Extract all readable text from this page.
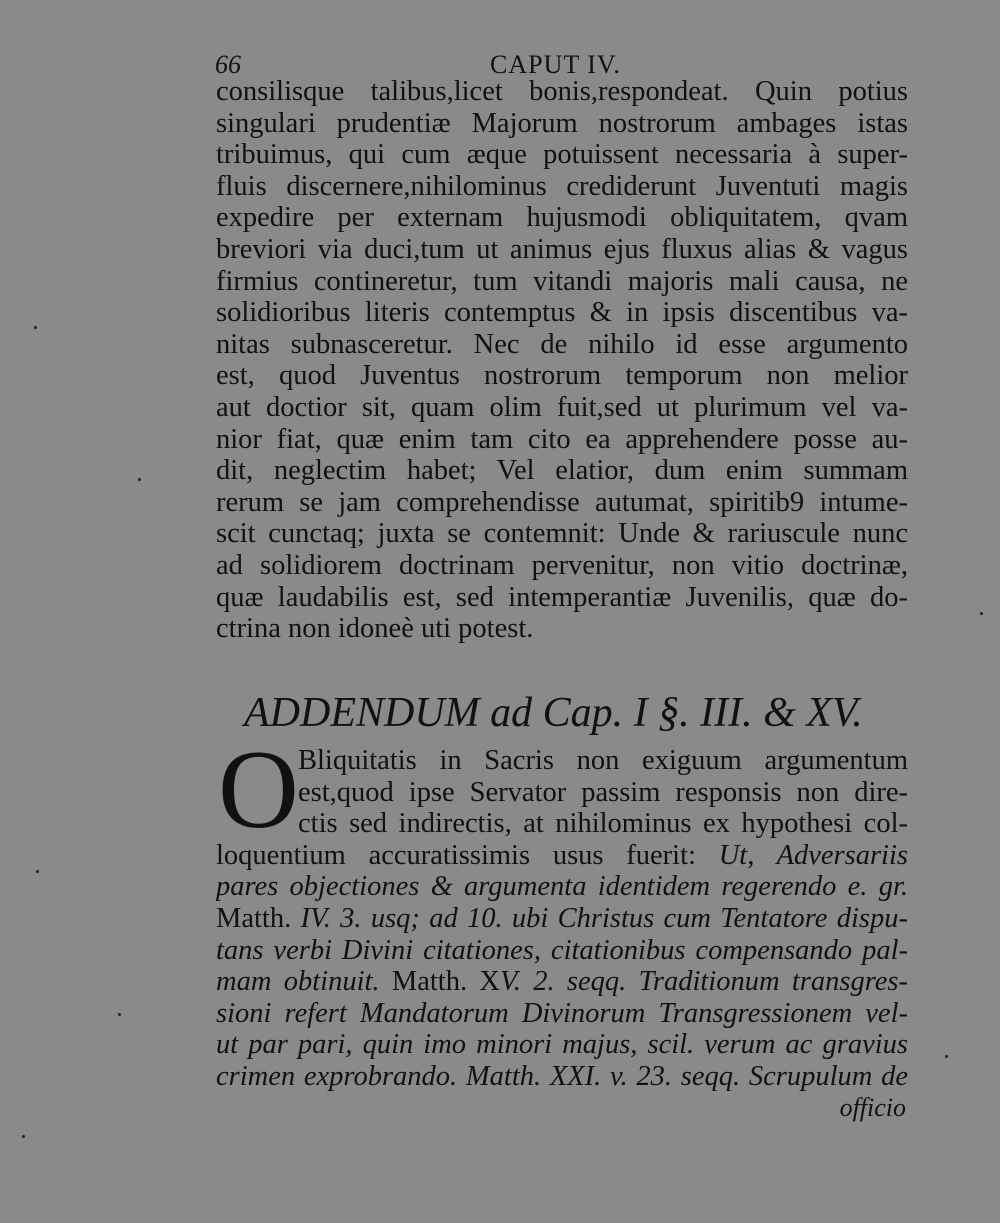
66	CAPUT IV.
consilisque talibus,licet bonis,respondeat. Quin potius
singulari prudentiæ Majorum nostrorum ambages istas
tribuimus, qui cum æque potuissent necessaria à super-
fluis discernere,nihilominus crediderunt Juventuti magis
expedire per externam hujusmodi obliquitatem, qvam
breviori via duci,tum ut animus ejus fluxus alias & vagus
firmius contineretur, tum vitandi majoris mali causa, ne
solidioribus literis contemptus & in ipsis discentibus va-
nitas subnasceretur. Nec de nihilo id esse argumento
est, quod Juventus nostrorum temporum non melior
aut doctior sit, quam olim fuit,sed ut plurimum vel va-
nior fiat, quæ enim tam cito ea apprehendere posse au-
dit, neglectim habet; Vel elatior, dum enim summam
rerum se jam comprehendisse autumat, spiritib9 intume-
scit cunctaq; juxta se contemnit: Unde & rariuscule nunc
ad solidiorem doctrinam pervenitur, non vitio doctrinæ,
quæ laudabilis est, sed intemperantiæ Juvenilis, quæ do-
ctrina non idoneè uti potest.
ADDENDUM ad Cap. I §. III. & XV.
O Bliquitatis in Sacris non exiguum argumentum
est,quod ipse Servator passim responsis non dire-
ctis sed indirectis, at nihilominus ex hypothesi col-
loquentium accuratissimis usus fuerit: Ut, Adversariis
pares objectiones & argumenta identidem regerendo e. gr.
Matth. IV. 3. usq; ad 10. ubi Christus cum Tentatore dispu-
tans verbi Divini citationes, citationibus compensando pal-
mam obtinuit. Matth. XV. 2. seqq. Traditionum transgres-
sioni refert Mandatorum Divinorum Transgressionem vel-
ut par pari, quin imo minori majus, scil. verum ac gravius
crimen exprobrando. Matth. XXI. v. 23. seqq. Scrupulum de
officio
